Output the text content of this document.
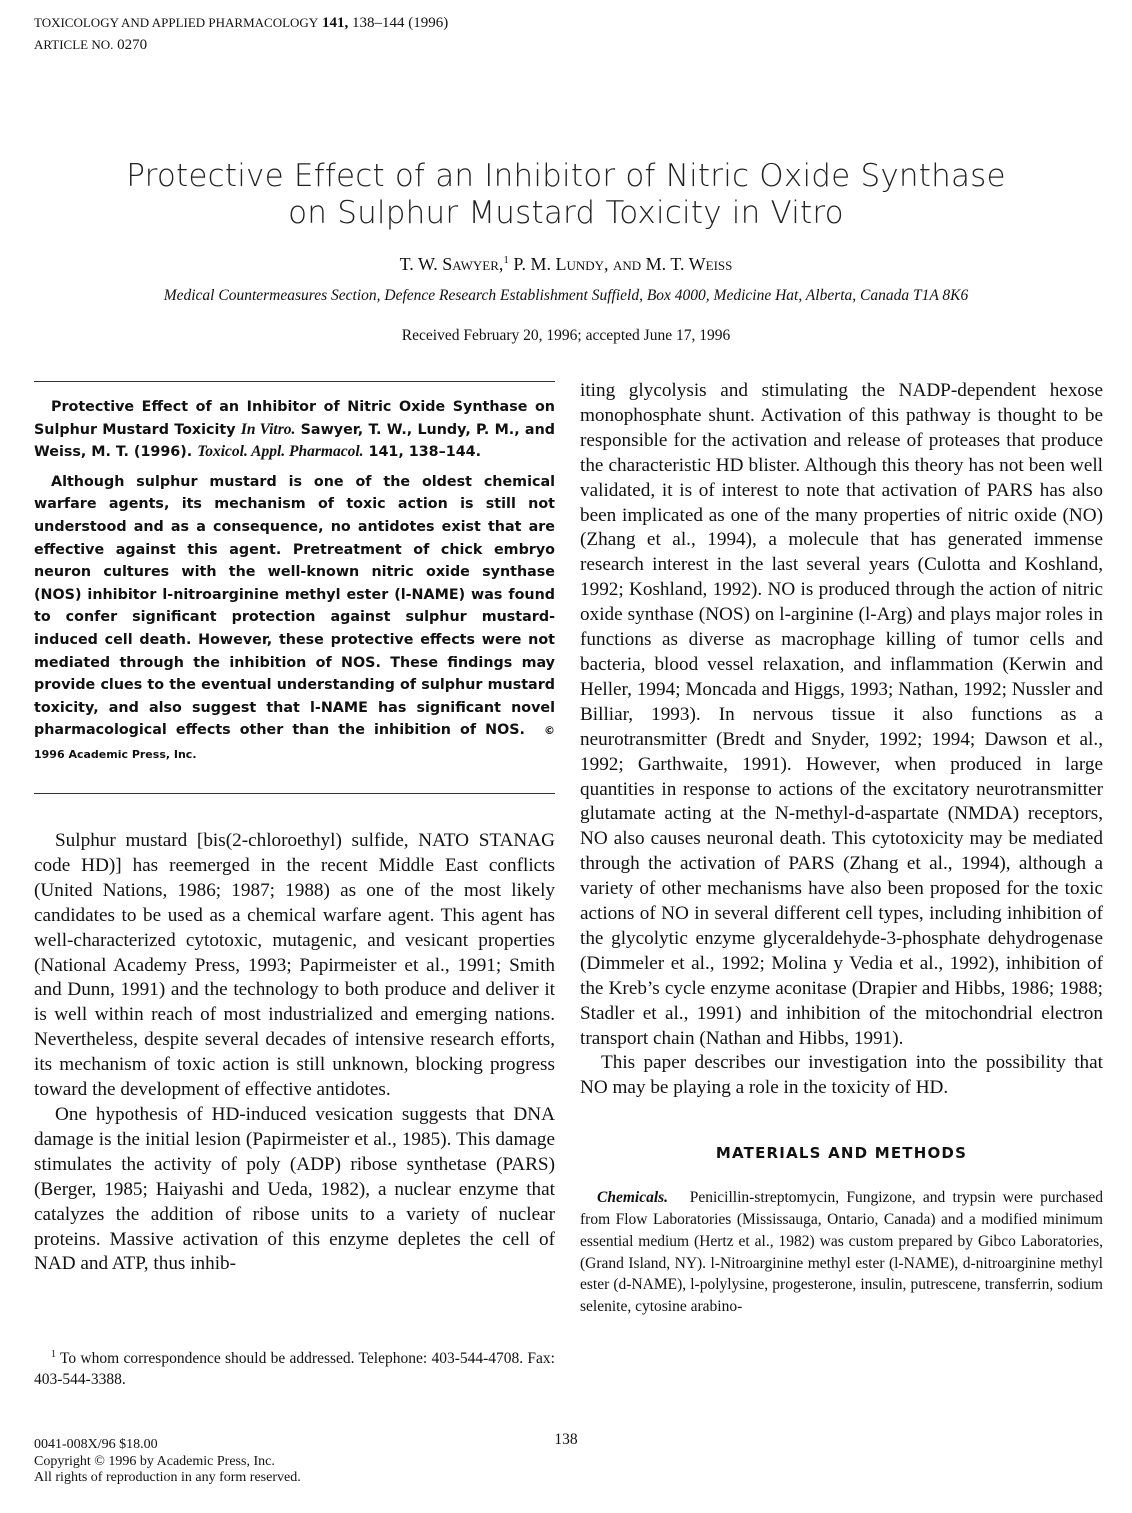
TOXICOLOGY AND APPLIED PHARMACOLOGY 141, 138–144 (1996)
ARTICLE NO. 0270
Protective Effect of an Inhibitor of Nitric Oxide Synthase
on Sulphur Mustard Toxicity in Vitro
T. W. Sawyer,$^1$ P. M. Lundy, and M. T. Weiss
Medical Countermeasures Section, Defence Research Establishment Suffield, Box 4000, Medicine Hat, Alberta, Canada T1A 8K6
Received February 20, 1996; accepted June 17, 1996

Protective Effect of an Inhibitor of Nitric Oxide Synthase on Sulphur Mustard Toxicity In Vitro. Sawyer, T. W., Lundy, P. M., and Weiss, M. T. (1996). Toxicol. Appl. Pharmacol. 141, 138–144.

Although sulphur mustard is one of the oldest chemical warfare agents, its mechanism of toxic action is still not understood and as a consequence, no antidotes exist that are effective against this agent. Pretreatment of chick embryo neuron cultures with the well-known nitric oxide synthase (NOS) inhibitor l-nitroarginine methyl ester (l-NAME) was found to confer significant protection against sulphur mustard-induced cell death. However, these protective effects were not mediated through the inhibition of NOS. These findings may provide clues to the eventual understanding of sulphur mustard toxicity, and also suggest that l-NAME has significant novel pharmacological effects other than the inhibition of NOS. © 1996 Academic Press, Inc.

Sulphur mustard [bis(2-chloroethyl) sulfide, NATO STANAG code HD)] has reemerged in the recent Middle East conflicts (United Nations, 1986; 1987; 1988) as one of the most likely candidates to be used as a chemical warfare agent. This agent has well-characterized cytotoxic, mutagenic, and vesicant properties (National Academy Press, 1993; Papirmeister et al., 1991; Smith and Dunn, 1991) and the technology to both produce and deliver it is well within reach of most industrialized and emerging nations. Nevertheless, despite several decades of intensive research efforts, its mechanism of toxic action is still unknown, blocking progress toward the development of effective antidotes.

One hypothesis of HD-induced vesication suggests that DNA damage is the initial lesion (Papirmeister et al., 1985). This damage stimulates the activity of poly (ADP) ribose synthetase (PARS) (Berger, 1985; Haiyashi and Ueda, 1982), a nuclear enzyme that catalyzes the addition of ribose units to a variety of nuclear proteins. Massive activation of this enzyme depletes the cell of NAD and ATP, thus inhib-

$^1$ To whom correspondence should be addressed. Telephone: 403-544-4708. Fax: 403-544-3388.

iting glycolysis and stimulating the NADP-dependent hexose monophosphate shunt. Activation of this pathway is thought to be responsible for the activation and release of proteases that produce the characteristic HD blister. Although this theory has not been well validated, it is of interest to note that activation of PARS has also been implicated as one of the many properties of nitric oxide (NO) (Zhang et al., 1994), a molecule that has generated immense research interest in the last several years (Culotta and Koshland, 1992; Koshland, 1992). NO is produced through the action of nitric oxide synthase (NOS) on l-arginine (l-Arg) and plays major roles in functions as diverse as macrophage killing of tumor cells and bacteria, blood vessel relaxation, and inflammation (Kerwin and Heller, 1994; Moncada and Higgs, 1993; Nathan, 1992; Nussler and Billiar, 1993). In nervous tissue it also functions as a neurotransmitter (Bredt and Snyder, 1992; 1994; Dawson et al., 1992; Garthwaite, 1991). However, when produced in large quantities in response to actions of the excitatory neurotransmitter glutamate acting at the N-methyl-d-aspartate (NMDA) receptors, NO also causes neuronal death. This cytotoxicity may be mediated through the activation of PARS (Zhang et al., 1994), although a variety of other mechanisms have also been proposed for the toxic actions of NO in several different cell types, including inhibition of the glycolytic enzyme glyceraldehyde-3-phosphate dehydrogenase (Dimmeler et al., 1992; Molina y Vedia et al., 1992), inhibition of the Kreb’s cycle enzyme aconitase (Drapier and Hibbs, 1986; 1988; Stadler et al., 1991) and inhibition of the mitochondrial electron transport chain (Nathan and Hibbs, 1991).

This paper describes our investigation into the possibility that NO may be playing a role in the toxicity of HD.

MATERIALS AND METHODS

Chemicals. Penicillin-streptomycin, Fungizone, and trypsin were purchased from Flow Laboratories (Mississauga, Ontario, Canada) and a modified minimum essential medium (Hertz et al., 1982) was custom prepared by Gibco Laboratories, (Grand Island, NY). l-Nitroarginine methyl ester (l-NAME), d-nitroarginine methyl ester (d-NAME), l-polylysine, progesterone, insulin, putrescene, transferrin, sodium selenite, cytosine arabino-

138
0041-008X/96 $18.00
Copyright © 1996 by Academic Press, Inc.
All rights of reproduction in any form reserved.
